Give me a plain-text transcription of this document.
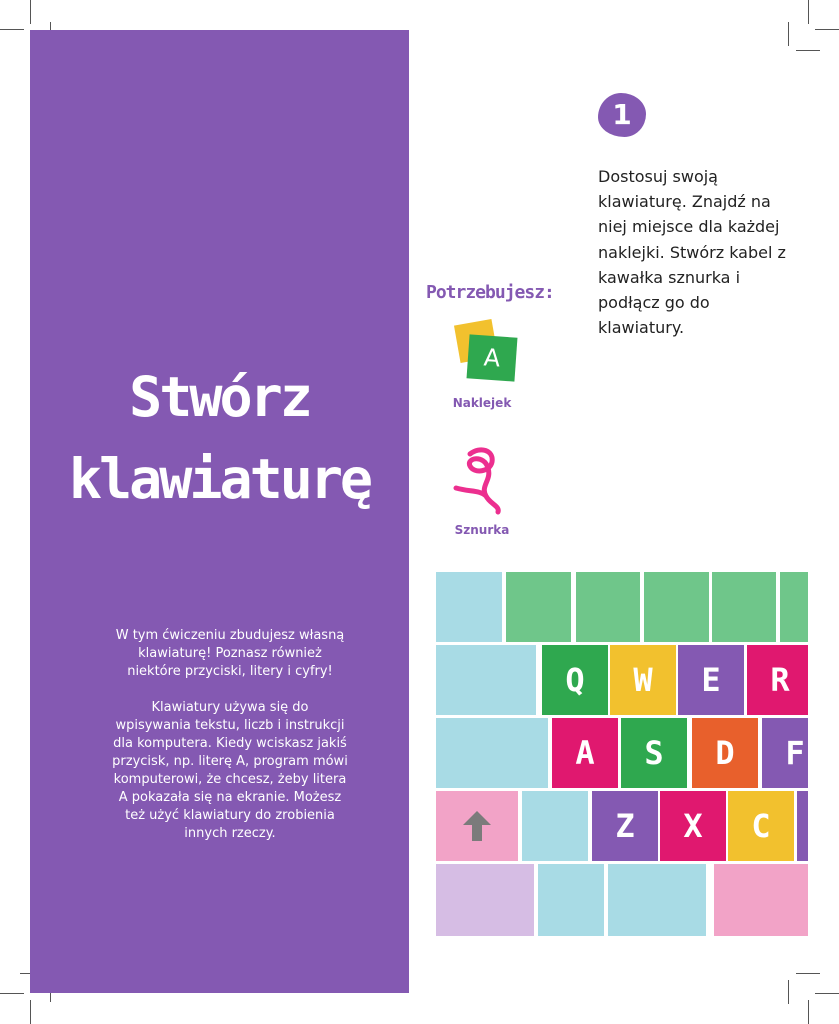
Stwórz
klawiaturę

W tym ćwiczeniu zbudujesz własną klawiaturę! Poznasz również niektóre przyciski, litery i cyfry!

Klawiatury używa się do wpisywania tekstu, liczb i instrukcji dla komputera. Kiedy wciskasz jakiś przycisk, np. literę A, program mówi komputerowi, że chcesz, żeby litera A pokazała się na ekranie. Możesz też użyć klawiatury do zrobienia innych rzeczy.

1
Dostosuj swoją klawiaturę. Znajdź na niej miejsce dla każdej naklejki. Stwórz kabel z kawałka sznurka i podłącz go do klawiatury.
Potrzebujesz:
A
Naklejek
Sznurka
Q	W	E	R
A	S	D	F
Z	X	C
